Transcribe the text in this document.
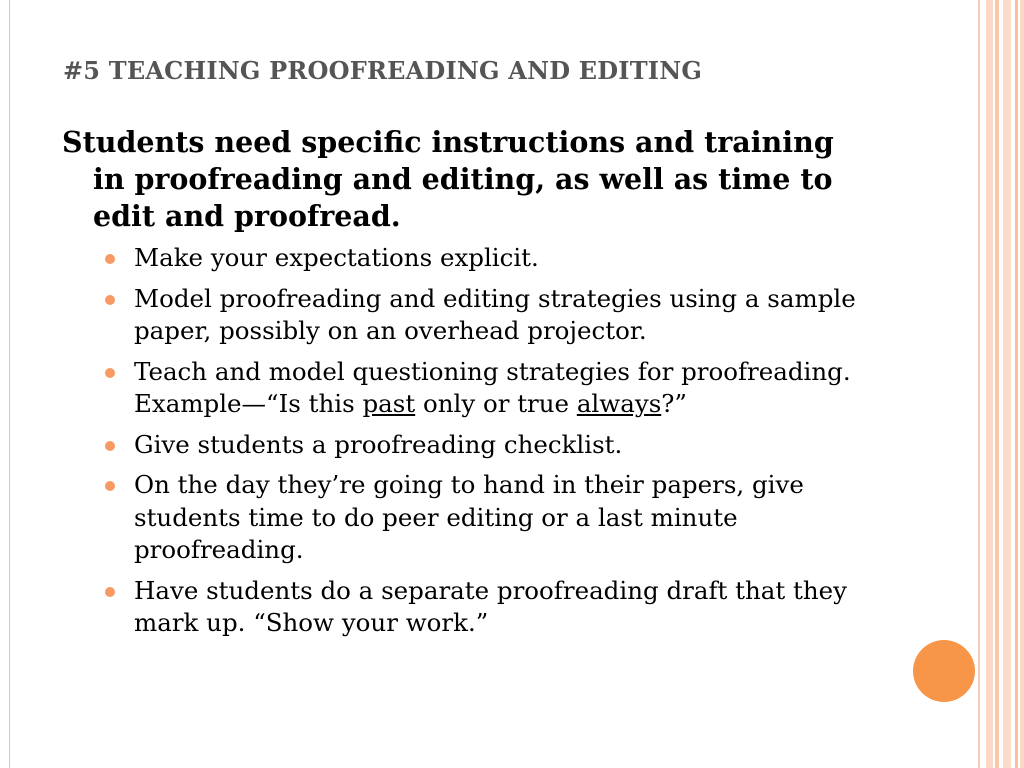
#5 TEACHING PROOFREADING AND EDITING
Students need specific instructions and training in proofreading and editing, as well as time to edit and proofread.
Make your expectations explicit.
Model proofreading and editing strategies using a sample paper, possibly on an overhead projector.
Teach and model questioning strategies for proofreading. Example—“Is this past only or true always?”
Give students a proofreading checklist.
On the day they’re going to hand in their papers, give students time to do peer editing or a last minute proofreading.
Have students do a separate proofreading draft that they mark up. “Show your work.”
